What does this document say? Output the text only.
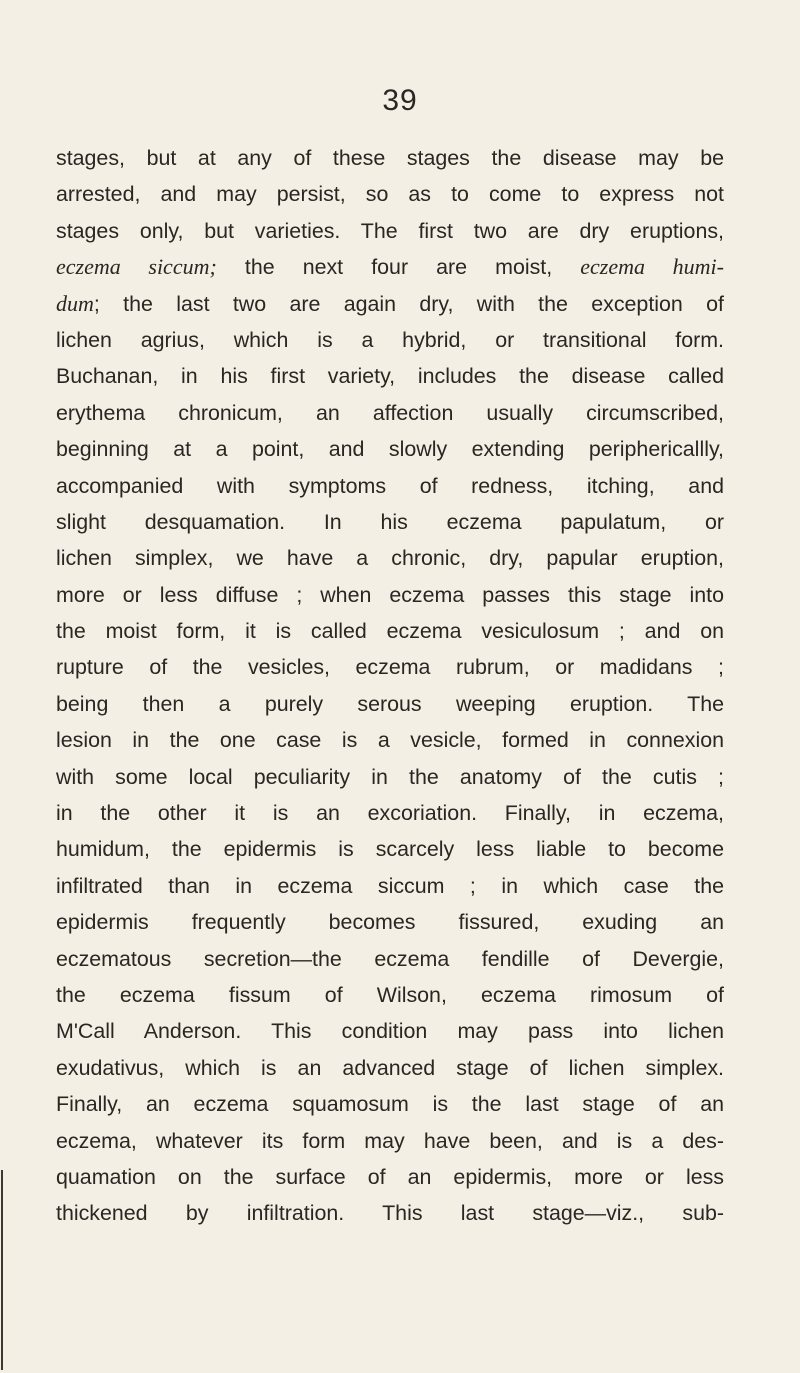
39
stages, but at any of these stages the disease may be
arrested, and may persist, so as to come to express not
stages only, but varieties. The first two are dry eruptions,
eczema siccum; the next four are moist, eczema humi-
dum; the last two are again dry, with the exception of
lichen agrius, which is a hybrid, or transitional form.
Buchanan, in his first variety, includes the disease called
erythema chronicum, an affection usually circumscribed,
beginning at a point, and slowly extending periphericallly,
accompanied with symptoms of redness, itching, and
slight desquamation. In his eczema papulatum, or
lichen simplex, we have a chronic, dry, papular eruption,
more or less diffuse ; when eczema passes this stage into
the moist form, it is called eczema vesiculosum ; and on
rupture of the vesicles, eczema rubrum, or madidans ;
being then a purely serous weeping eruption. The
lesion in the one case is a vesicle, formed in connexion
with some local peculiarity in the anatomy of the cutis ;
in the other it is an excoriation. Finally, in eczema,
humidum, the epidermis is scarcely less liable to become
infiltrated than in eczema siccum ; in which case the
epidermis frequently becomes fissured, exuding an
eczematous secretion—the eczema fendille of Devergie,
the eczema fissum of Wilson, eczema rimosum of
M'Call Anderson. This condition may pass into lichen
exudativus, which is an advanced stage of lichen simplex.
Finally, an eczema squamosum is the last stage of an
eczema, whatever its form may have been, and is a des-
quamation on the surface of an epidermis, more or less
thickened by infiltration. This last stage—viz., sub-
